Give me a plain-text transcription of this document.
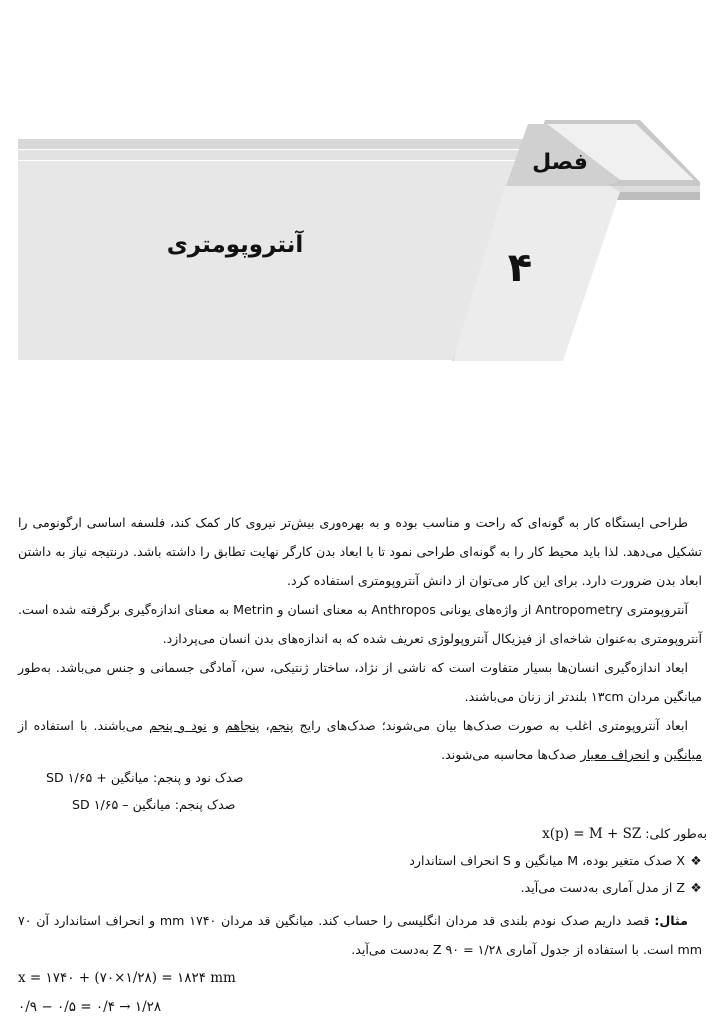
فصل
۴
آنتروپومتری

طراحی ایستگاه کار به گونه‌ای که راحت و مناسب بوده و به بهره‌وری بیش‌تر نیروی کار کمک کند، فلسفه اساسی ارگونومی را تشکیل می‌دهد. لذا باید محیط کار را به گونه‌ای طراحی نمود تا با ابعاد بدن کارگر نهایت تطابق را داشته باشد. درنتیجه نیاز به داشتن ابعاد بدن ضرورت دارد. برای این کار می‌توان از دانش آنتروپومتری استفاده کرد.

آنتروپومتری Antropometry از واژه‌های یونانی Anthropos به معنای انسان و Metrin به معنای اندازه‌گیری برگرفته شده است. آنتروپومتری به‌عنوان شاخه‌ای از فیزیکال آنتروپولوژی تعریف شده که به اندازه‌های بدن انسان می‌پردازد.

ابعاد اندازه‌گیری انسان‌ها بسیار متفاوت است که ناشی از نژاد، ساختار ژنتیکی، سن، آمادگی جسمانی و جنس می‌باشد. به‌طور میانگین مردان ۱۳cm بلندتر از زنان می‌باشند.

ابعاد آنتروپومتری اغلب به صورت صدک‌ها بیان می‌شوند؛ صدک‌های رایج پنجم، پنجاهم و نود و پنجم می‌باشند. با استفاده از میانگین و انحراف معیار صدک‌ها محاسبه می‌شوند.

صدک نود و پنجم: میانگین + ۱/۶۵ SD
صدک پنجم: میانگین – ۱/۶۵ SD
به‌طور کلی: x(p) = M + SZ
❖X صدک متغیر بوده، M میانگین و S انحراف استاندارد
❖Z از مدل آماری به‌دست می‌آید.

مثال: قصد داریم صدک نودم بلندی قد مردان انگلیسی را حساب کند. میانگین قد مردان ۱۷۴۰ mm و انحراف استاندارد آن ۷۰ mm است. با استفاده از جدول آماری Z ۹۰ = ۱/۲۸ به‌دست می‌آید.

x = ۱۷۴۰ + (۷۰×۱/۲۸) = ۱۸۲۴ mm
۰/۹ − ۰/۵ = ۰/۴ → ۱/۲۸
